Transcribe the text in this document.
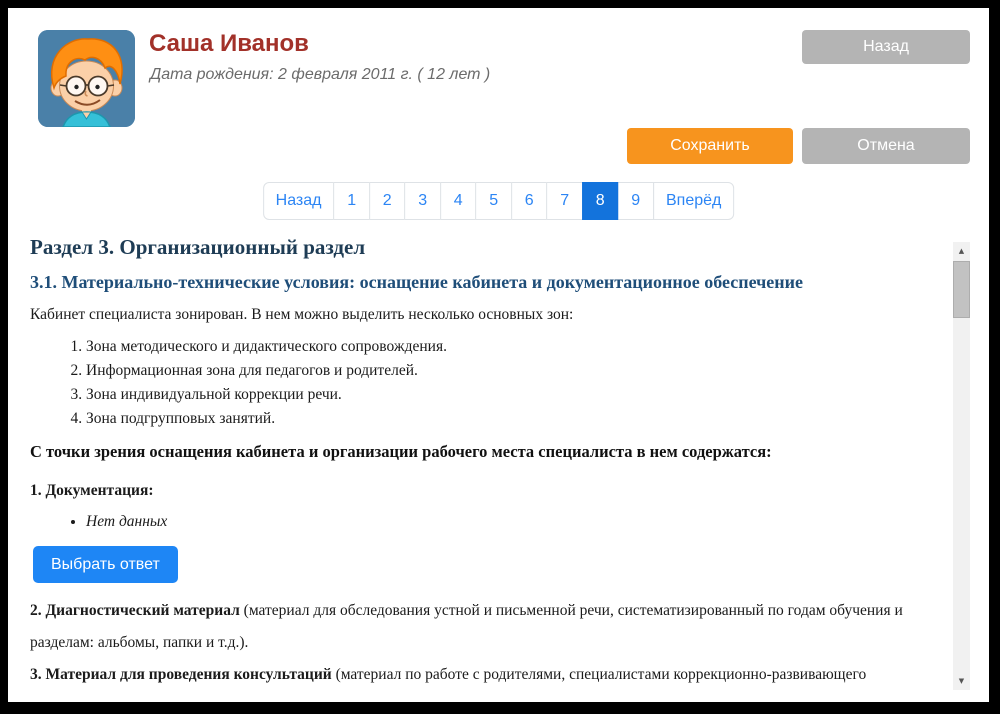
Саша Иванов
Дата рождения: 2 февраля 2011 г. ( 12 лет )
Назад
Сохранить	Отмена
Назад	1	2	3	4	5	6	7	8	9	Вперёд
Раздел 3. Организационный раздел
3.1. Материально-технические условия: оснащение кабинета и документационное обеспечение

Кабинет специалиста зонирован. В нем можно выделить несколько основных зон:

1. Зона методического и дидактического сопровождения.
2. Информационная зона для педагогов и родителей.
3. Зона индивидуальной коррекции речи.
4. Зона подгрупповых занятий.

С точки зрения оснащения кабинета и организации рабочего места специалиста в нем содержатся:

1. Документация:

• Нет данных
Выбрать ответ

2. Диагностический материал (материал для обследования устной и письменной речи, систематизированный по годам обучения и разделам: альбомы, папки и т.д.).

3. Материал для проведения консультаций (материал по работе с родителями, специалистами коррекционно-развивающего

▲
▼
